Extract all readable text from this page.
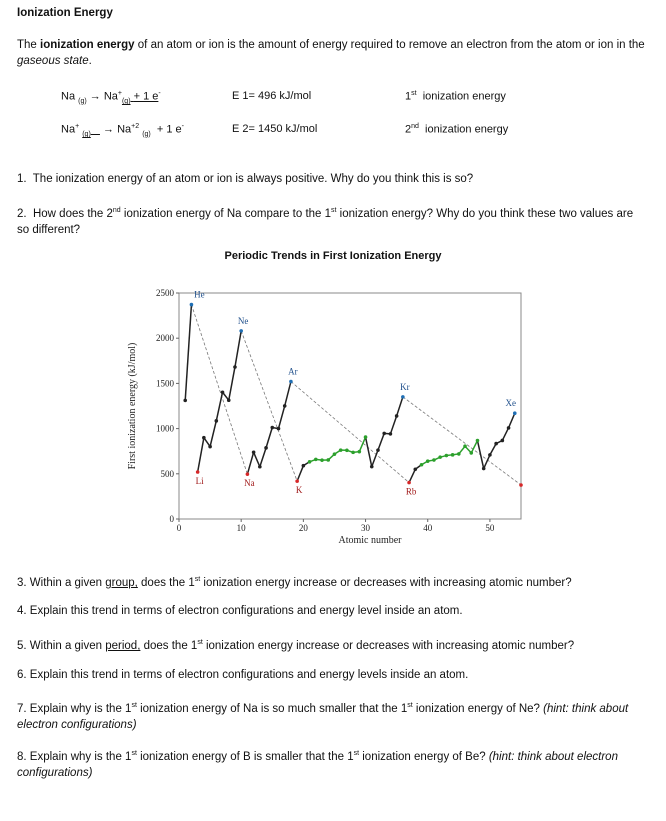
Ionization Energy
The ionization energy of an atom or ion is the amount of energy required to remove an electron from the atom or ion in the gaseous state.
Na $_{(g)} \to Na^+_{(g)} + 1$ e-	E 1= 496 kJ/mol	1st ionization energy
Na+ $_{(g)} \to Na^{+2}$ $_{(g)}$ + 1 e-	E 2= 1450 kJ/mol	2nd ionization energy
1. The ionization energy of an atom or ion is always positive. Why do you think this is so?
2. How does the 2nd ionization energy of Na compare to the 1st ionization energy? Why do you think these two values are so different?
Periodic Trends in First Ionization Energy
0
500
1000
1500
2000
2500
0	10	20	30	40	50
Atomic number
First ionization energy (kJ/mol)
He
Ne
Ar
Kr
Xe
Li	Na
K	Rb
3. Within a given group, does the 1st ionization energy increase or decreases with increasing atomic number?
4. Explain this trend in terms of electron configurations and energy level inside an atom.
5. Within a given period, does the 1st ionization energy increase or decreases with increasing atomic number?
6. Explain this trend in terms of electron configurations and energy levels inside an atom.
7. Explain why is the 1st ionization energy of Na is so much smaller that the 1st ionization energy of Ne? (hint: think about electron configurations)
8. Explain why is the 1st ionization energy of B is smaller that the 1st ionization energy of Be? (hint: think about electron configurations)
